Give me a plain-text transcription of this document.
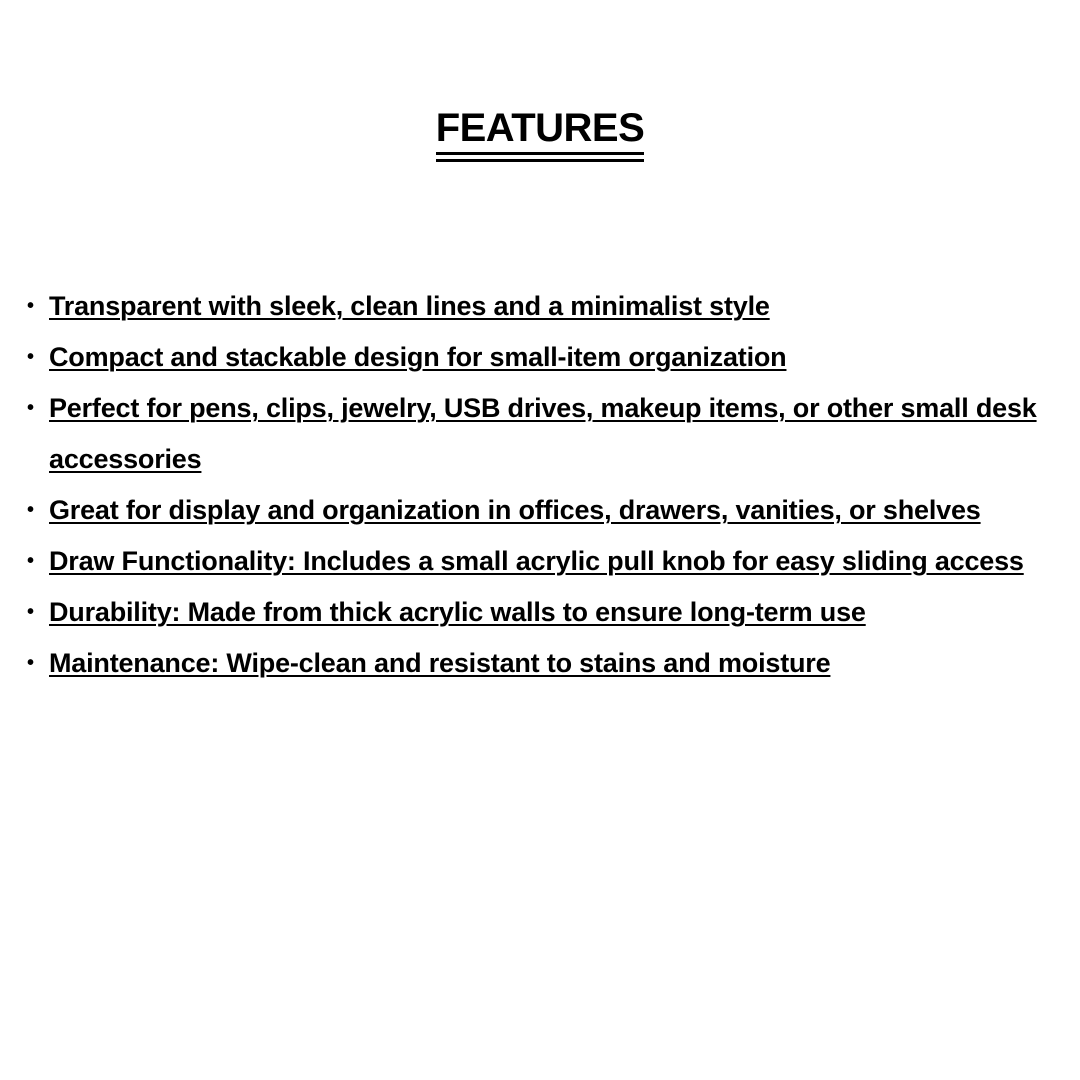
FEATURES
• Transparent with sleek, clean lines and a minimalist style
• Compact and stackable design for small-item organization
• Perfect for pens, clips, jewelry, USB drives, makeup items, or other small desk accessories
• Great for display and organization in offices, drawers, vanities, or shelves
• Draw Functionality: Includes a small acrylic pull knob for easy sliding access
• Durability: Made from thick acrylic walls to ensure long-term use
• Maintenance: Wipe-clean and resistant to stains and moisture
